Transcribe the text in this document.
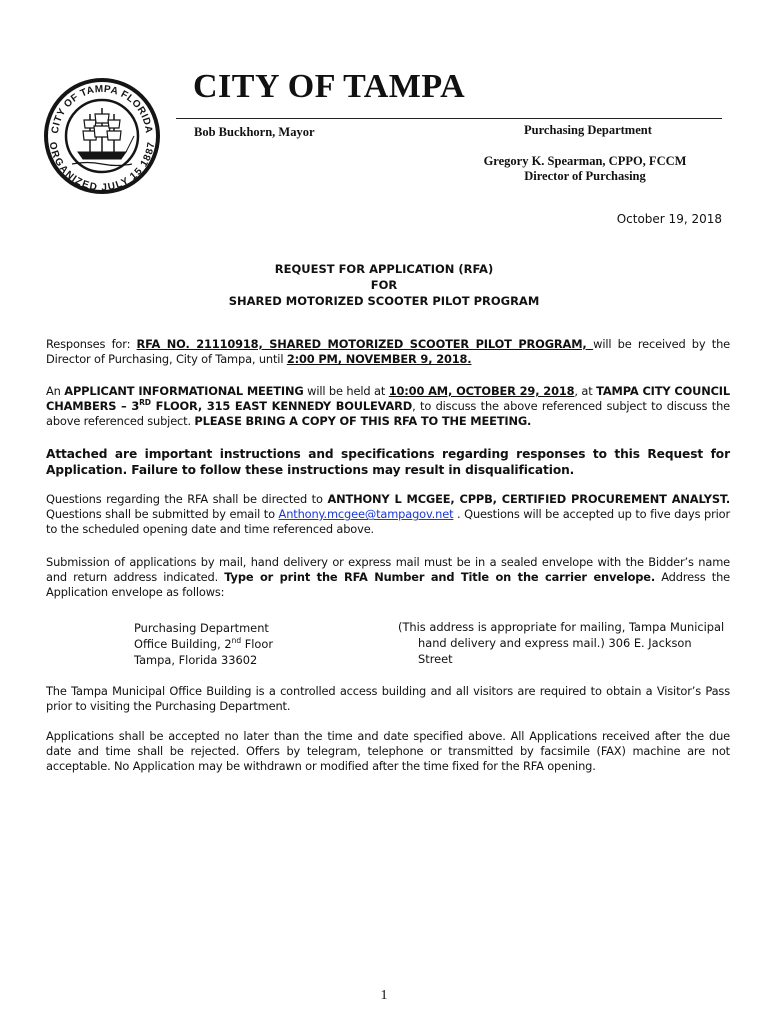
CITY OF TAMPA FLORIDA
ORGANIZED JULY 15 1887
CITY OF TAMPA
Bob Buckhorn, Mayor	Purchasing Department
Gregory K. Spearman, CPPO, FCCM
Director of Purchasing
October 19, 2018
REQUEST FOR APPLICATION (RFA)
FOR
SHARED MOTORIZED SCOOTER PILOT PROGRAM
Responses for: RFA NO. 21110918, SHARED MOTORIZED SCOOTER PILOT PROGRAM, will be received by the Director of Purchasing, City of Tampa, until 2:00 PM, NOVEMBER 9, 2018.
An APPLICANT INFORMATIONAL MEETING will be held at 10:00 AM, OCTOBER 29, 2018, at TAMPA CITY COUNCIL CHAMBERS – 3RD FLOOR, 315 EAST KENNEDY BOULEVARD, to discuss the above referenced subject to discuss the above referenced subject. PLEASE BRING A COPY OF THIS RFA TO THE MEETING.
Attached are important instructions and specifications regarding responses to this Request for Application. Failure to follow these instructions may result in disqualification.
Questions regarding the RFA shall be directed to ANTHONY L MCGEE, CPPB, CERTIFIED PROCUREMENT ANALYST. Questions shall be submitted by email to Anthony.mcgee@tampagov.net . Questions will be accepted up to five days prior to the scheduled opening date and time referenced above.
Submission of applications by mail, hand delivery or express mail must be in a sealed envelope with the Bidder’s name and return address indicated. Type or print the RFA Number and Title on the carrier envelope. Address the Application envelope as follows:
Purchasing Department
Office Building, 2nd Floor
Tampa, Florida 33602
(This address is appropriate for mailing, Tampa Municipal
hand delivery and express mail.) 306 E. Jackson Street
The Tampa Municipal Office Building is a controlled access building and all visitors are required to obtain a Visitor’s Pass prior to visiting the Purchasing Department.
Applications shall be accepted no later than the time and date specified above. All Applications received after the due date and time shall be rejected. Offers by telegram, telephone or transmitted by facsimile (FAX) machine are not acceptable. No Application may be withdrawn or modified after the time fixed for the RFA opening.
1
